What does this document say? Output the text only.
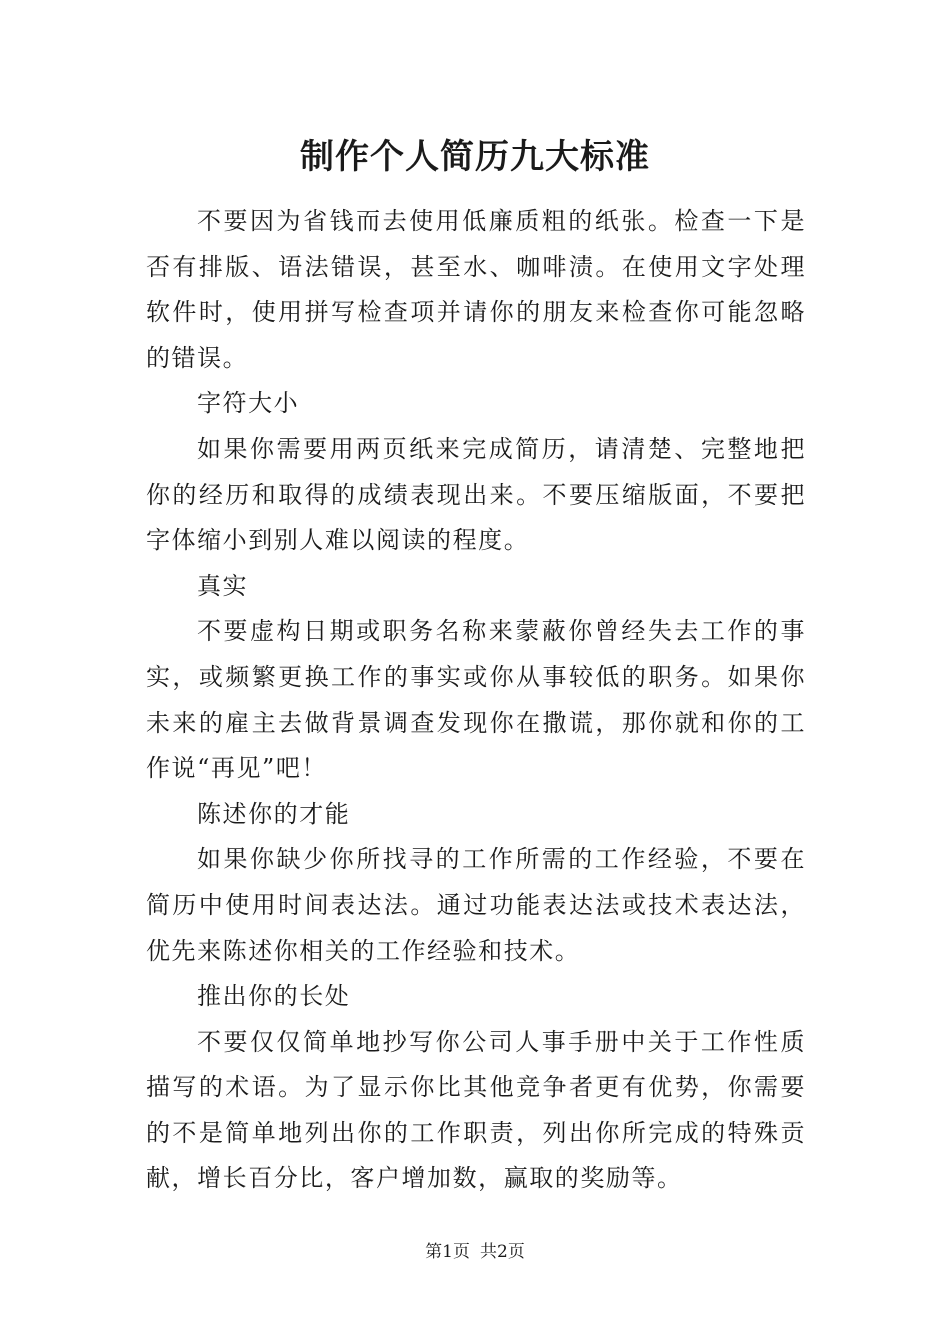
制作个人简历九大标准

不要因为省钱而去使用低廉质粗的纸张。检查一下是否有排版、语法错误，甚至水、咖啡渍。在使用文字处理软件时，使用拼写检查项并请你的朋友来检查你可能忽略的错误。

字符大小

如果你需要用两页纸来完成简历，请清楚、完整地把你的经历和取得的成绩表现出来。不要压缩版面，不要把字体缩小到别人难以阅读的程度。

真实

不要虚构日期或职务名称来蒙蔽你曾经失去工作的事实，或频繁更换工作的事实或你从事较低的职务。如果你未来的雇主去做背景调查发现你在撒谎，那你就和你的工作说“再见”吧！

陈述你的才能

如果你缺少你所找寻的工作所需的工作经验，不要在简历中使用时间表达法。通过功能表达法或技术表达法，优先来陈述你相关的工作经验和技术。

推出你的长处

不要仅仅简单地抄写你公司人事手册中关于工作性质描写的术语。为了显示你比其他竞争者更有优势，你需要的不是简单地列出你的工作职责，列出你所完成的特殊贡献，增长百分比，客户增加数，赢取的奖励等。

第1页 共2页
